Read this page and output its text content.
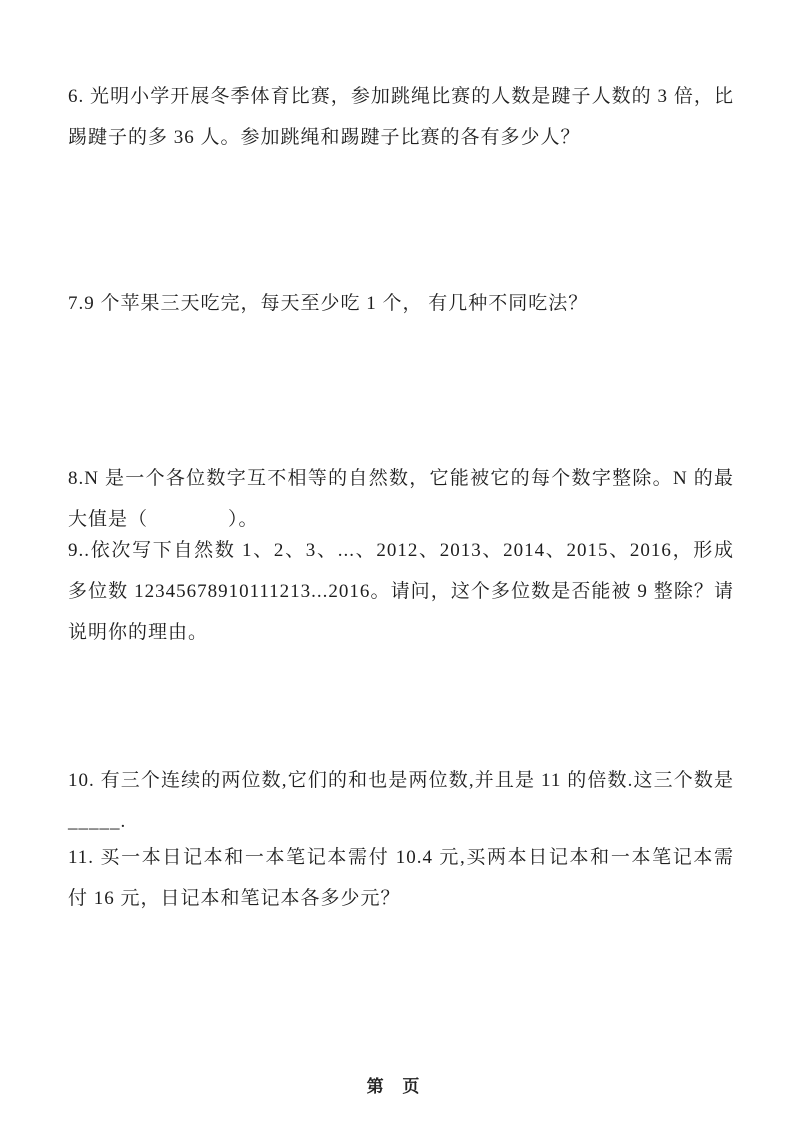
6. 光明小学开展冬季体育比赛，参加跳绳比赛的人数是踺子人数的 3 倍，比踢踺子的多 36 人。参加跳绳和踢踺子比赛的各有多少人？
7.9 个苹果三天吃完，每天至少吃 1 个， 有几种不同吃法？
8.N 是一个各位数字互不相等的自然数，它能被它的每个数字整除。N 的最大值是（　　　　）。
9..依次写下自然数 1、2、3、...、2012、2013、2014、2015、2016，形成多位数 12345678910111213...2016。请问，这个多位数是否能被 9 整除？请说明你的理由。
10. 有三个连续的两位数,它们的和也是两位数,并且是 11 的倍数.这三个数是_____.
11. 买一本日记本和一本笔记本需付 10.4 元,买两本日记本和一本笔记本需付 16 元，日记本和笔记本各多少元？
第 页
